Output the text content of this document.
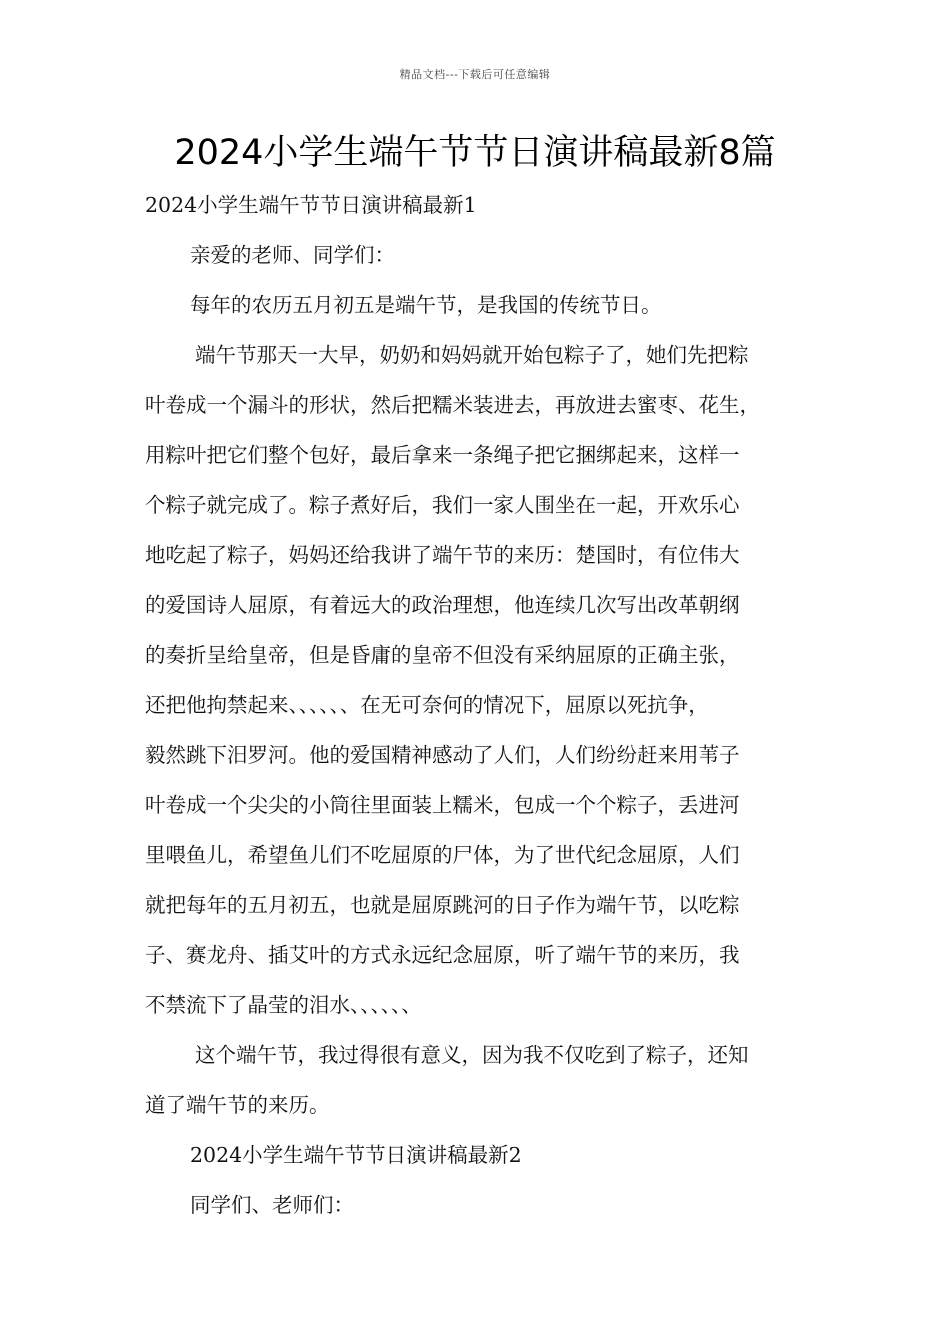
精品文档---下载后可任意编辑
2024小学生端午节节日演讲稿最新8篇
2024小学生端午节节日演讲稿最新1
亲爱的老师、同学们：
每年的农历五月初五是端午节，是我国的传统节日。
端午节那天一大早，奶奶和妈妈就开始包粽子了，她们先把粽
叶卷成一个漏斗的形状，然后把糯米装进去，再放进去蜜枣、花生，
用粽叶把它们整个包好，最后拿来一条绳子把它捆绑起来，这样一
个粽子就完成了。粽子煮好后，我们一家人围坐在一起，开欢乐心
地吃起了粽子，妈妈还给我讲了端午节的来历：楚国时，有位伟大
的爱国诗人屈原，有着远大的政治理想，他连续几次写出改革朝纲
的奏折呈给皇帝，但是昏庸的皇帝不但没有采纳屈原的正确主张，
还把他拘禁起来、、、、、、在无可奈何的情况下，屈原以死抗争，
毅然跳下汨罗河。他的爱国精神感动了人们，人们纷纷赶来用苇子
叶卷成一个尖尖的小筒往里面装上糯米，包成一个个粽子，丢进河
里喂鱼儿，希望鱼儿们不吃屈原的尸体，为了世代纪念屈原，人们
就把每年的五月初五，也就是屈原跳河的日子作为端午节，以吃粽
子、赛龙舟、插艾叶的方式永远纪念屈原，听了端午节的来历，我
不禁流下了晶莹的泪水、、、、、、
这个端午节，我过得很有意义，因为我不仅吃到了粽子，还知
道了端午节的来历。
2024小学生端午节节日演讲稿最新2
同学们、老师们：
